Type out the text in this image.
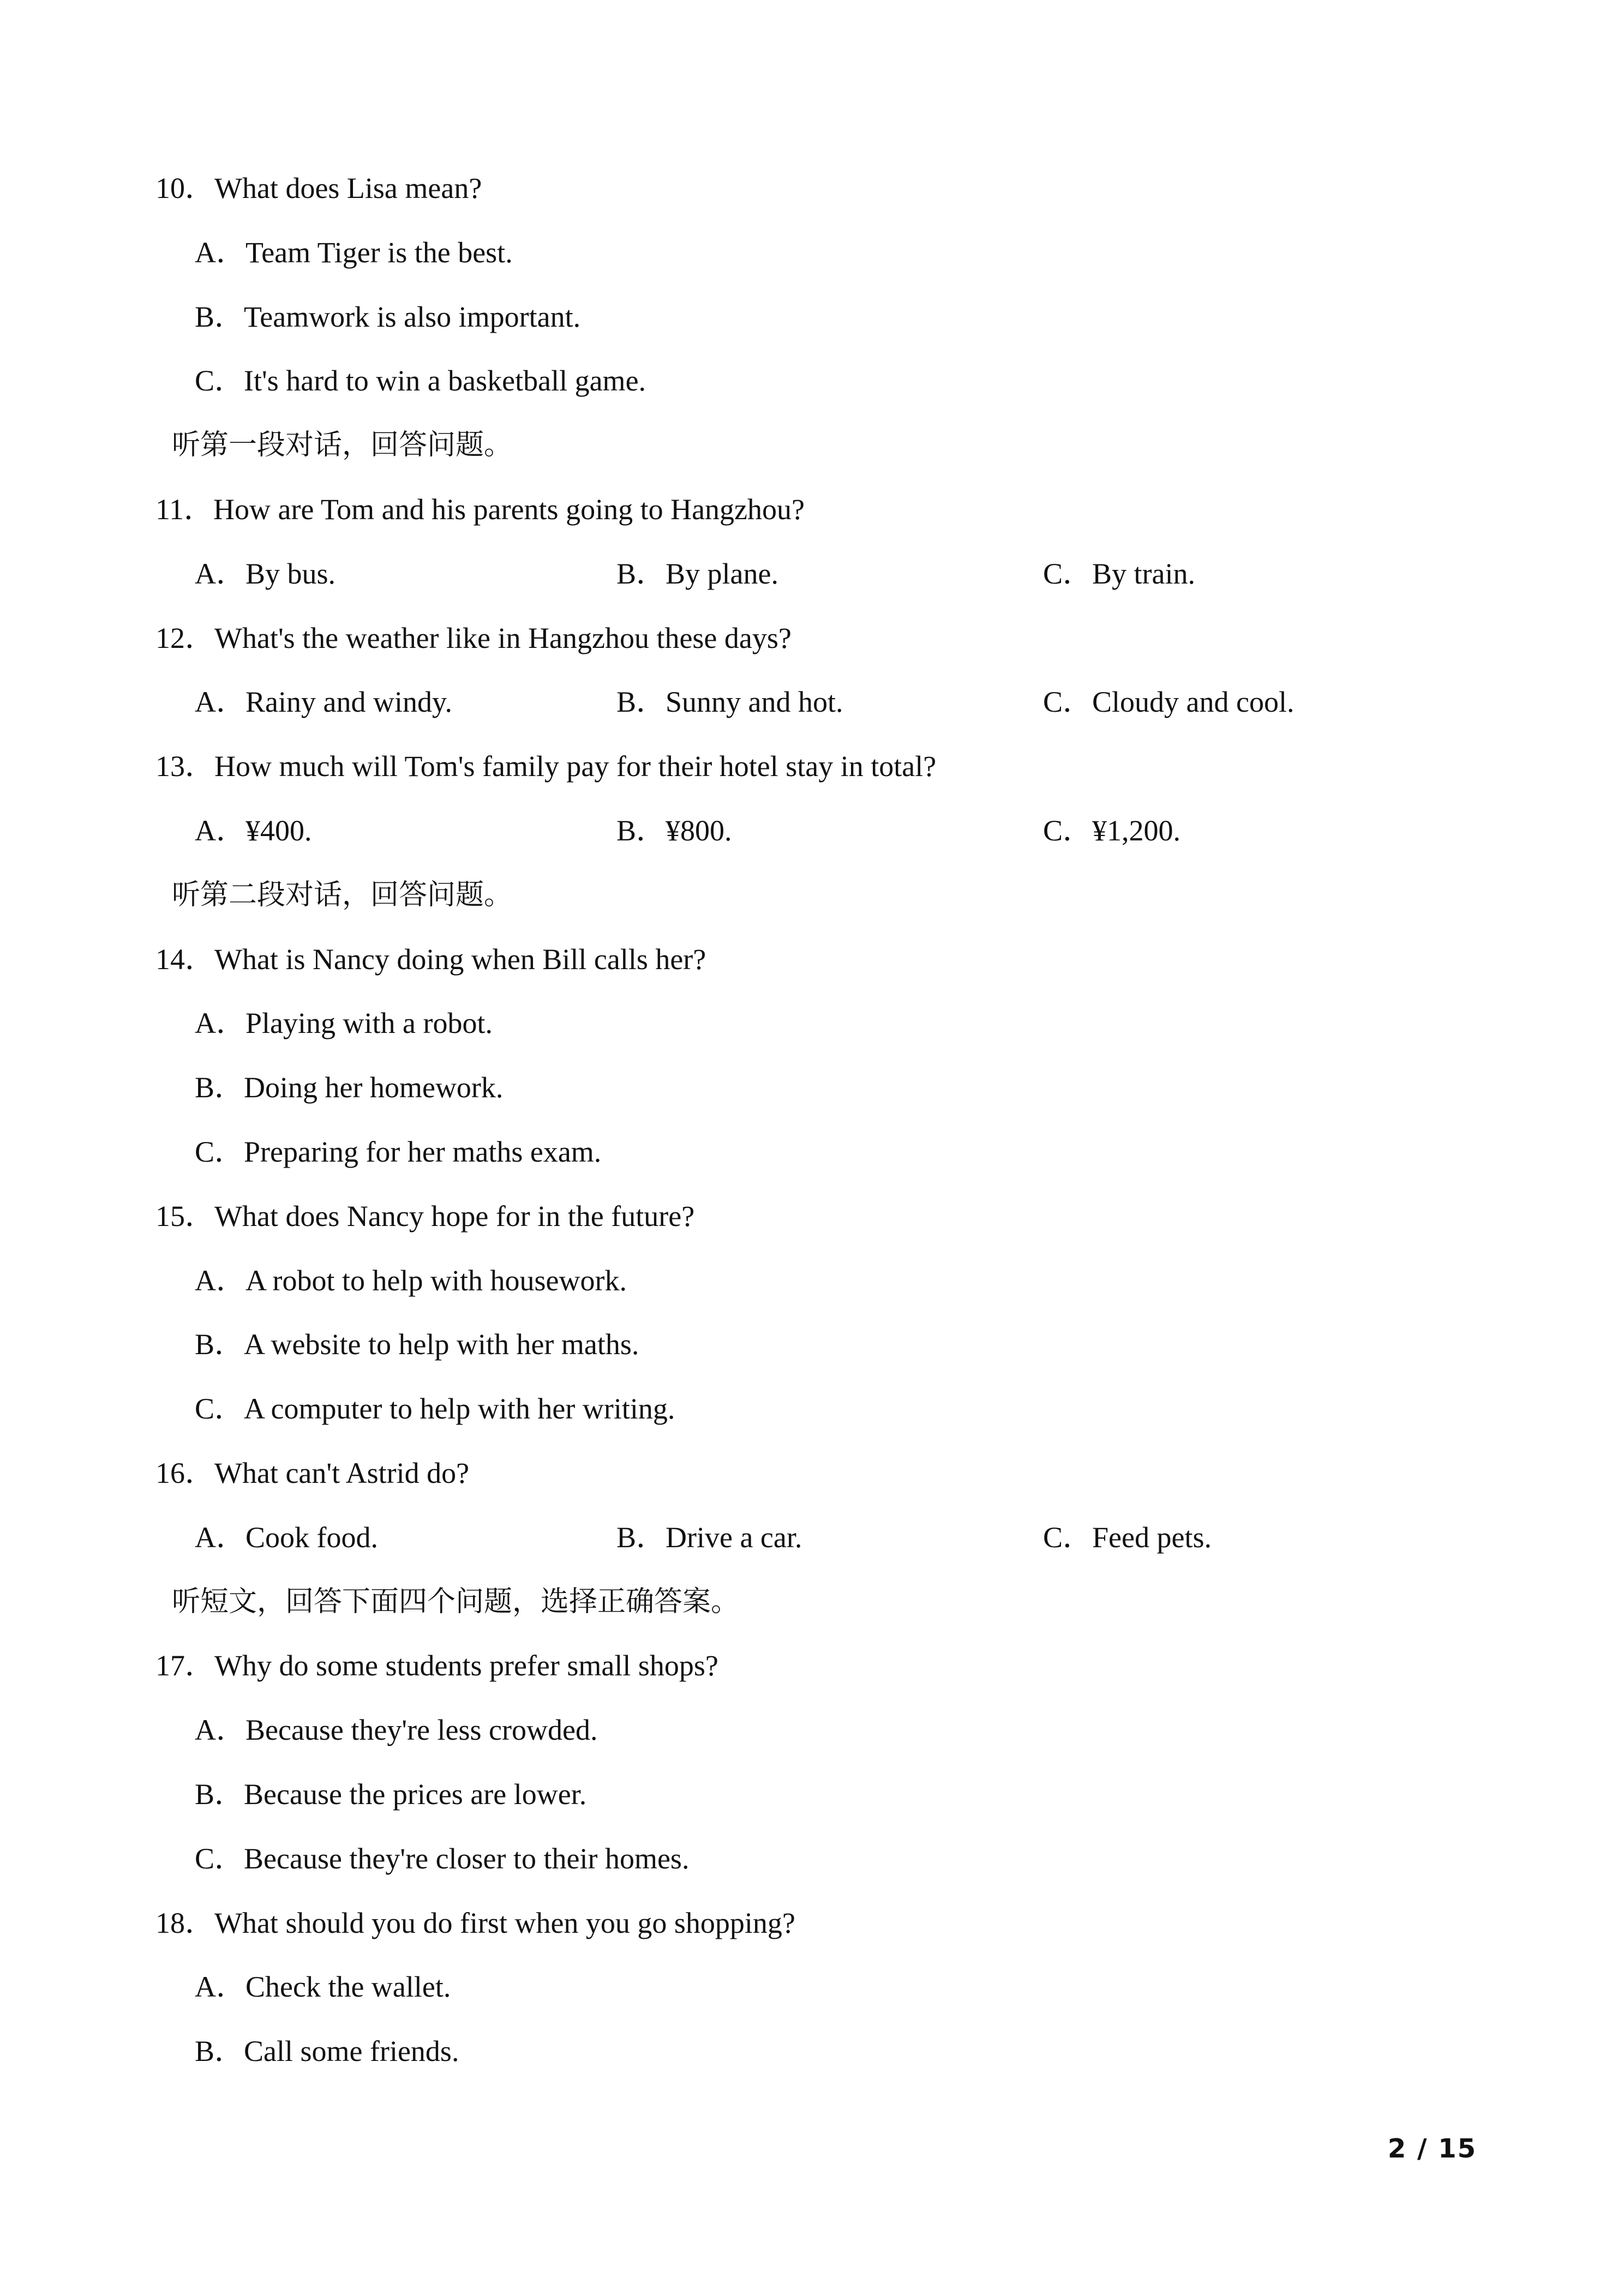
10．What does Lisa mean?
A．Team Tiger is the best.
B．Teamwork is also important.
C．It's hard to win a basketball game.
听第一段对话，回答问题。
11．How are Tom and his parents going to Hangzhou?
A．By bus.	B．By plane.	C．By train.
12．What's the weather like in Hangzhou these days?
A．Rainy and windy.	B．Sunny and hot.	C．Cloudy and cool.
13．How much will Tom's family pay for their hotel stay in total?
A．¥400.	B．¥800.	C．¥1,200.
听第二段对话，回答问题。
14．What is Nancy doing when Bill calls her?
A．Playing with a robot.
B．Doing her homework.
C．Preparing for her maths exam.
15．What does Nancy hope for in the future?
A．A robot to help with housework.
B．A website to help with her maths.
C．A computer to help with her writing.
16．What can't Astrid do?
A．Cook food.	B．Drive a car.	C．Feed pets.
听短文，回答下面四个问题，选择正确答案。
17．Why do some students prefer small shops?
A．Because they're less crowded.
B．Because the prices are lower.
C．Because they're closer to their homes.
18．What should you do first when you go shopping?
A．Check the wallet.
B．Call some friends.
2 / 15
